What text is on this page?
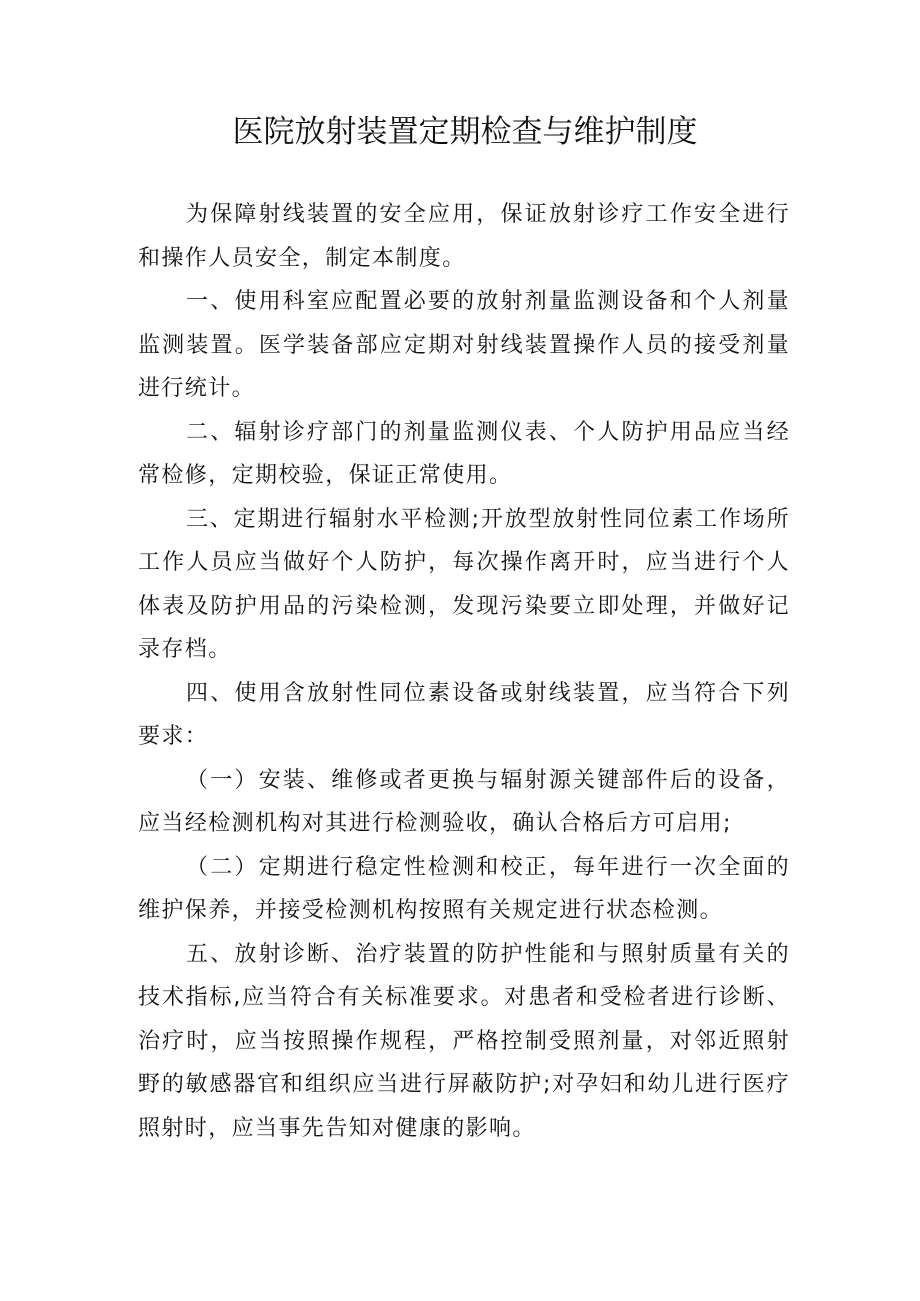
医院放射装置定期检查与维护制度

为保障射线装置的安全应用，保证放射诊疗工作安全进行和操作人员安全，制定本制度。

一、使用科室应配置必要的放射剂量监测设备和个人剂量监测装置。医学装备部应定期对射线装置操作人员的接受剂量进行统计。

二、辐射诊疗部门的剂量监测仪表、个人防护用品应当经常检修，定期校验，保证正常使用。

三、定期进行辐射水平检测;开放型放射性同位素工作场所工作人员应当做好个人防护，每次操作离开时，应当进行个人体表及防护用品的污染检测，发现污染要立即处理，并做好记录存档。

四、使用含放射性同位素设备或射线装置，应当符合下列要求：

（一）安装、维修或者更换与辐射源关键部件后的设备，应当经检测机构对其进行检测验收，确认合格后方可启用;

（二）定期进行稳定性检测和校正，每年进行一次全面的维护保养，并接受检测机构按照有关规定进行状态检测。

五、放射诊断、治疗装置的防护性能和与照射质量有关的技术指标,应当符合有关标准要求。对患者和受检者进行诊断、治疗时，应当按照操作规程，严格控制受照剂量，对邻近照射野的敏感器官和组织应当进行屏蔽防护;对孕妇和幼儿进行医疗照射时，应当事先告知对健康的影响。
